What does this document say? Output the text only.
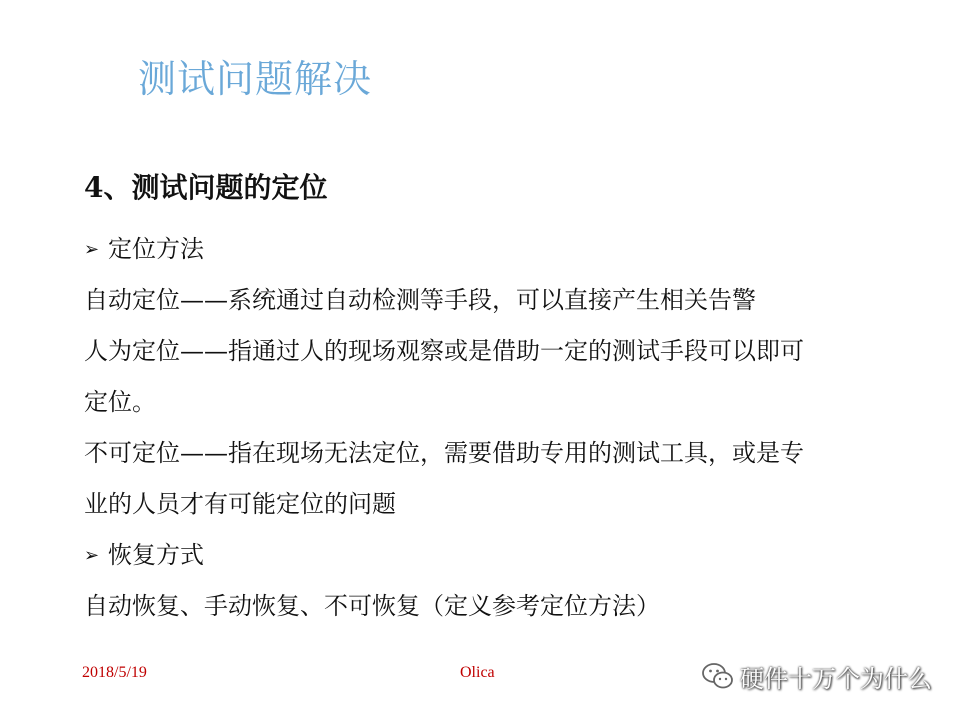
测试问题解决
4、测试问题的定位
➢ 定位方法
自动定位——系统通过自动检测等手段，可以直接产生相关告警
人为定位——指通过人的现场观察或是借助一定的测试手段可以即可
定位。
不可定位——指在现场无法定位，需要借助专用的测试工具，或是专
业的人员才有可能定位的问题
➢ 恢复方式
自动恢复、手动恢复、不可恢复（定义参考定位方法）
2018/5/19	Olica	硬件十万个为什么
